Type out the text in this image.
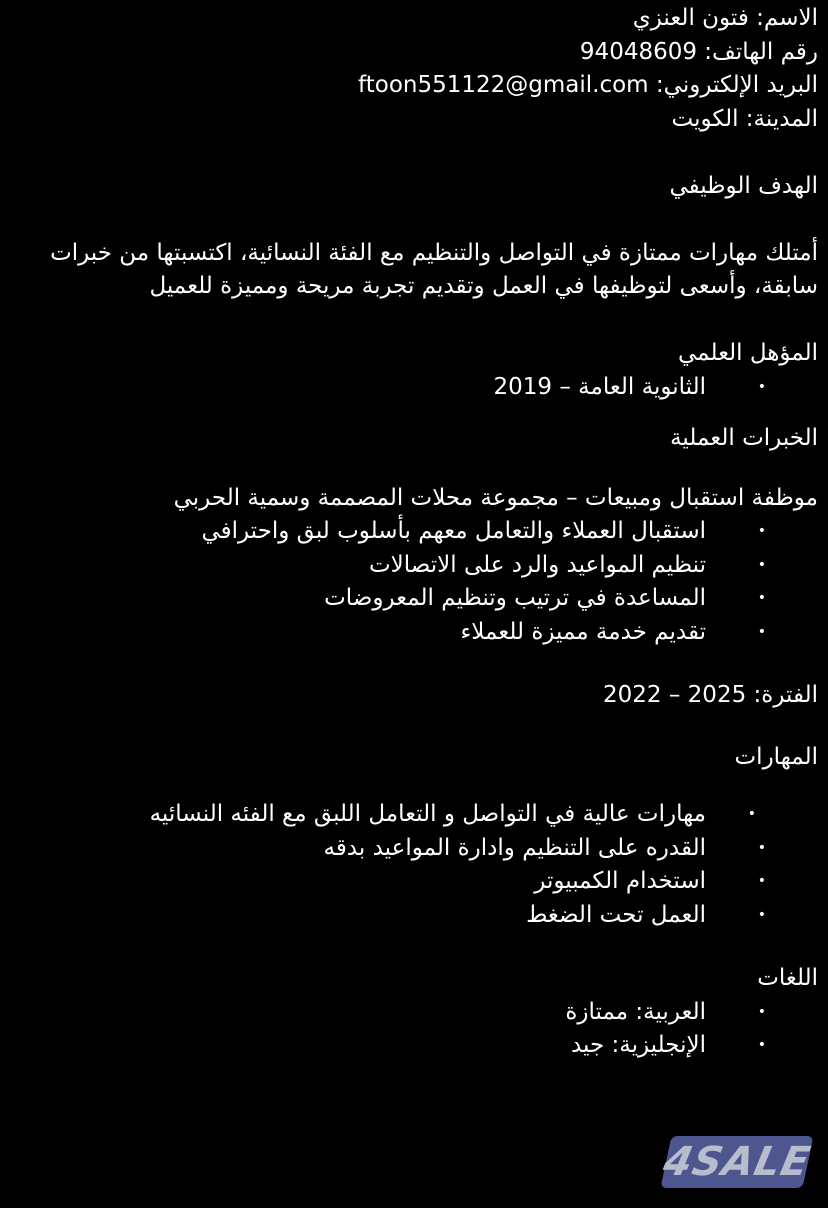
الاسم: فتون العنزي
رقم الهاتف: 94048609
البريد الإلكتروني: ftoon551122@gmail.com
المدينة: الكويت
الهدف الوظيفي
أمتلك مهارات ممتازة في التواصل والتنظيم مع الفئة النسائية، اكتسبتها من خبرات سابقة، وأسعى لتوظيفها في العمل وتقديم تجربة مريحة ومميزة للعميل
المؤهل العلمي
•
الثانوية العامة – 2019
الخبرات العملية
موظفة استقبال ومبيعات – مجموعة محلات المصممة وسمية الحربي
•
استقبال العملاء والتعامل معهم بأسلوب لبق واحترافي
•
تنظيم المواعيد والرد على الاتصالات
•
المساعدة في ترتيب وتنظيم المعروضات
•
تقديم خدمة مميزة للعملاء
الفترة: 2022 – 2025
المهارات
•
مهارات عالية في التواصل و التعامل اللبق مع الفئه النسائيه
•
القدره على التنظيم وادارة المواعيد بدقه
•
استخدام الكمبيوتر
•
العمل تحت الضغط
اللغات
•
العربية: ممتازة
•
الإنجليزية: جيد
4SALE
